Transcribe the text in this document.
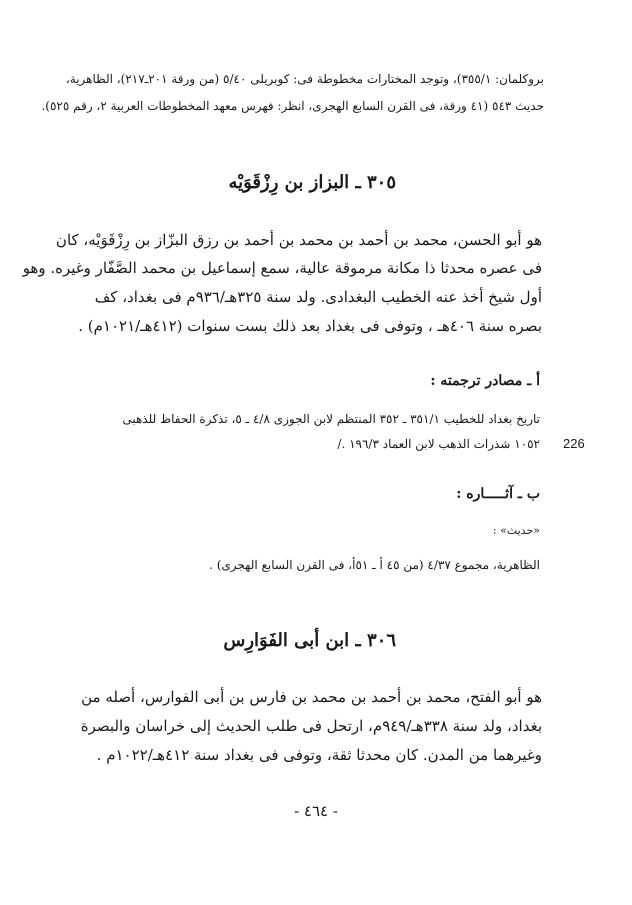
بروكلمان: ٣٥٥/١)، وتوجد المختارات مخطوطة فى: كوبريلى ٥/٤٠ (من ورقة ٢٠١ـ٢١٧)، الظاهرية،
حديث ٥٤٣ (٤١ ورقة، فى القرن السابع الهجرى، انظر: فهرس معهد المخطوطات العربية ٢، رقم ٥٢٥).
٣٠٥ ـ البزاز بن رِزْقَوَيْه
هو أبو الحسن، محمد بن أحمد بن محمد بن أحمد بن رزق البزّاز بن رِزْقَوَيْه، كان
فى عصره محدثا ذا مكانة مرموقة عالية، سمع إسماعيل بن محمد الصَّفّار وغيره. وهو
أول شيخ أخذ عنه الخطيب البغدادى. ولد سنة ٣٢٥هـ/٩٣٦م فى بغداد، كف
بصره سنة ٤٠٦هـ ، وتوفى فى بغداد بعد ذلك بست سنوات (٤١٢هـ/١٠٢١م) .
أ ـ مصادر ترجمته :
تاريخ بغداد للخطيب ٣٥١/١ ـ ٣٥٢ المنتظم لابن الجوزى ٤/٨ ـ ٥، تذكرة الحفاظ للذهبى
١٠٥٢ شذرات الذهب لابن العماد ١٩٦/٣ ./ 226
ب ـ آثـــــاره :
«حديث» :
الظاهرية، مجموع ٤/٣٧ (من ٤٥ أ ـ ٥١أ، فى القرن السابع الهجرى) .
٣٠٦ ـ ابن أبى الفَوَارِس
هو أبو الفتح، محمد بن أحمد بن محمد بن فارس بن أبى الفوارس، أصله من
بغداد، ولد سنة ٣٣٨هـ/٩٤٩م، ارتحل فى طلب الحديث إلى خراسان والبصرة
وغيرهما من المدن. كان محدثا ثقة، وتوفى فى بغداد سنة ٤١٢هـ/١٠٢٢م .
- ٤٦٤ -
